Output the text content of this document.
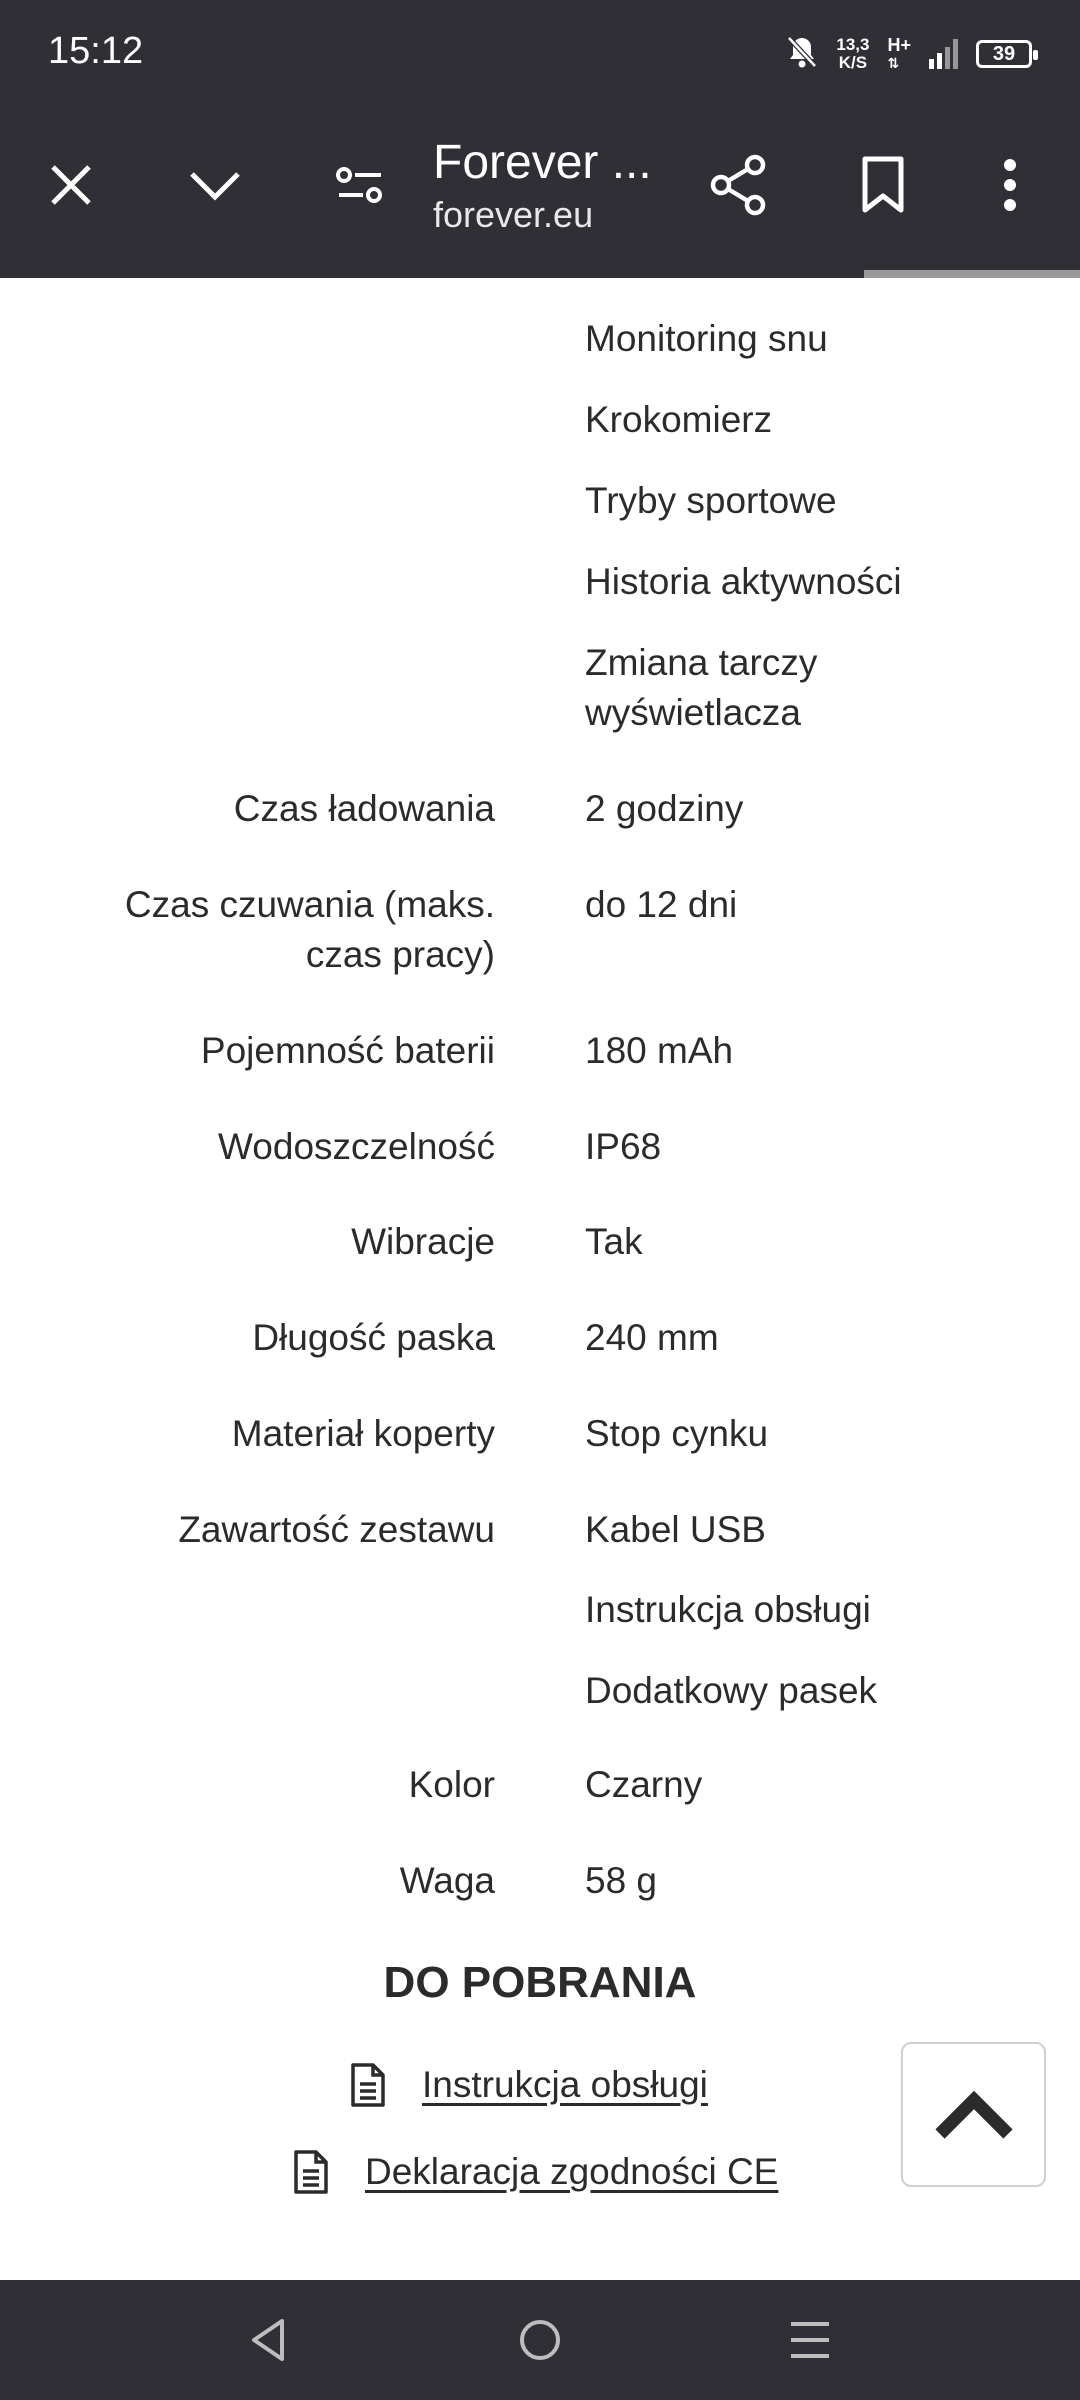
15:12	13,3
K/S
H+
⇅	39
Forever ...
forever.eu
Monitoring snu
Krokomierz
Tryby sportowe
Historia aktywności
Zmiana tarczy wyświetlacza
Czas ładowania 2 godziny
Czas czuwania (maks. czas pracy)
do 12 dni
Pojemność baterii 180 mAh
Wodoszczelność IP68
Wibracje Tak
Długość paska 240 mm
Materiał koperty Stop cynku
Zawartość zestawu Kabel USB
Instrukcja obsługi
Dodatkowy pasek
Kolor Czarny
Waga 58 g
DO POBRANIA
Instrukcja obsługi
Deklaracja zgodności CE
